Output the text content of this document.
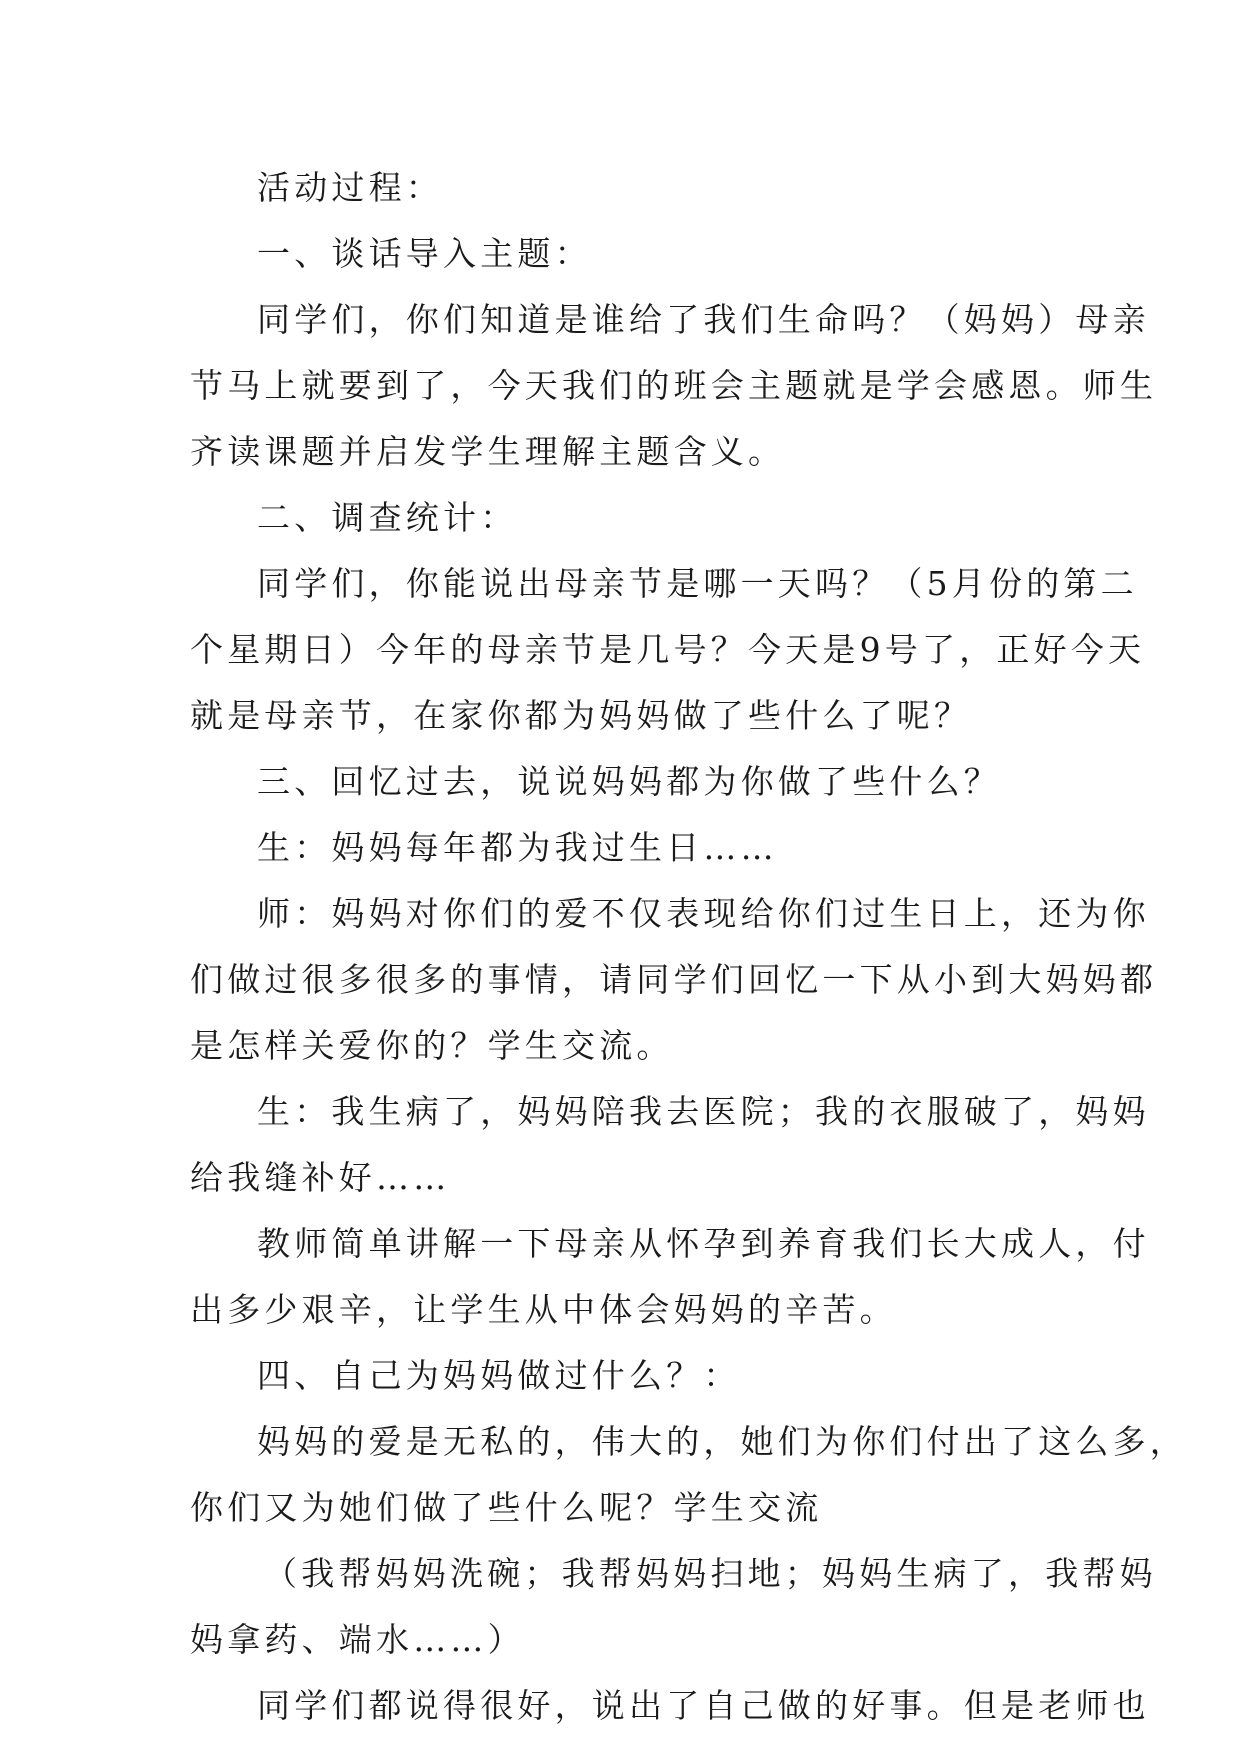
活动过程：
一、谈话导入主题：
同学们，你们知道是谁给了我们生命吗？（妈妈）母亲
节马上就要到了，今天我们的班会主题就是学会感恩。师生
齐读课题并启发学生理解主题含义。
二、调查统计：
同学们，你能说出母亲节是哪一天吗？（5月份的第二
个星期日）今年的母亲节是几号？今天是9号了，正好今天
就是母亲节，在家你都为妈妈做了些什么了呢？
三、回忆过去，说说妈妈都为你做了些什么？
生：妈妈每年都为我过生日……
师：妈妈对你们的爱不仅表现给你们过生日上，还为你
们做过很多很多的事情，请同学们回忆一下从小到大妈妈都
是怎样关爱你的？学生交流。
生：我生病了，妈妈陪我去医院；我的衣服破了，妈妈
给我缝补好……
教师简单讲解一下母亲从怀孕到养育我们长大成人，付
出多少艰辛，让学生从中体会妈妈的辛苦。
四、自己为妈妈做过什么？：
妈妈的爱是无私的，伟大的，她们为你们付出了这么多，
你们又为她们做了些什么呢？学生交流
（我帮妈妈洗碗；我帮妈妈扫地；妈妈生病了，我帮妈
妈拿药、端水……）
同学们都说得很好，说出了自己做的好事。但是老师也
